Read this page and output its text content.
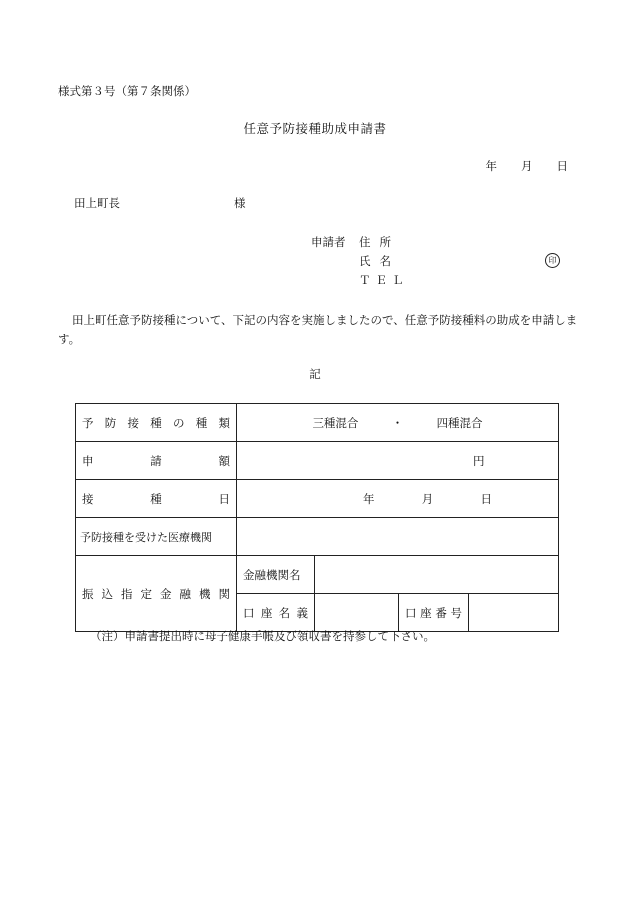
様式第３号（第７条関係）
任意予防接種助成申請書
年 月 日
田上町長	様
申請者 住所
氏名
ＴＥＬ
印
田上町任意予防接種について、下記の内容を実施しましたので、任意予防接種料の助成を申請します。
記
予防接種の種類	三種混合 ・ 四種混合			
申請額	円			

接種日	年 月 日			

予防接種を受けた医療機関				
振込指定金融機関	金融機関名			
	口座名義		口座番号	
（注）申請書提出時に母子健康手帳及び領収書を持参して下さい。
